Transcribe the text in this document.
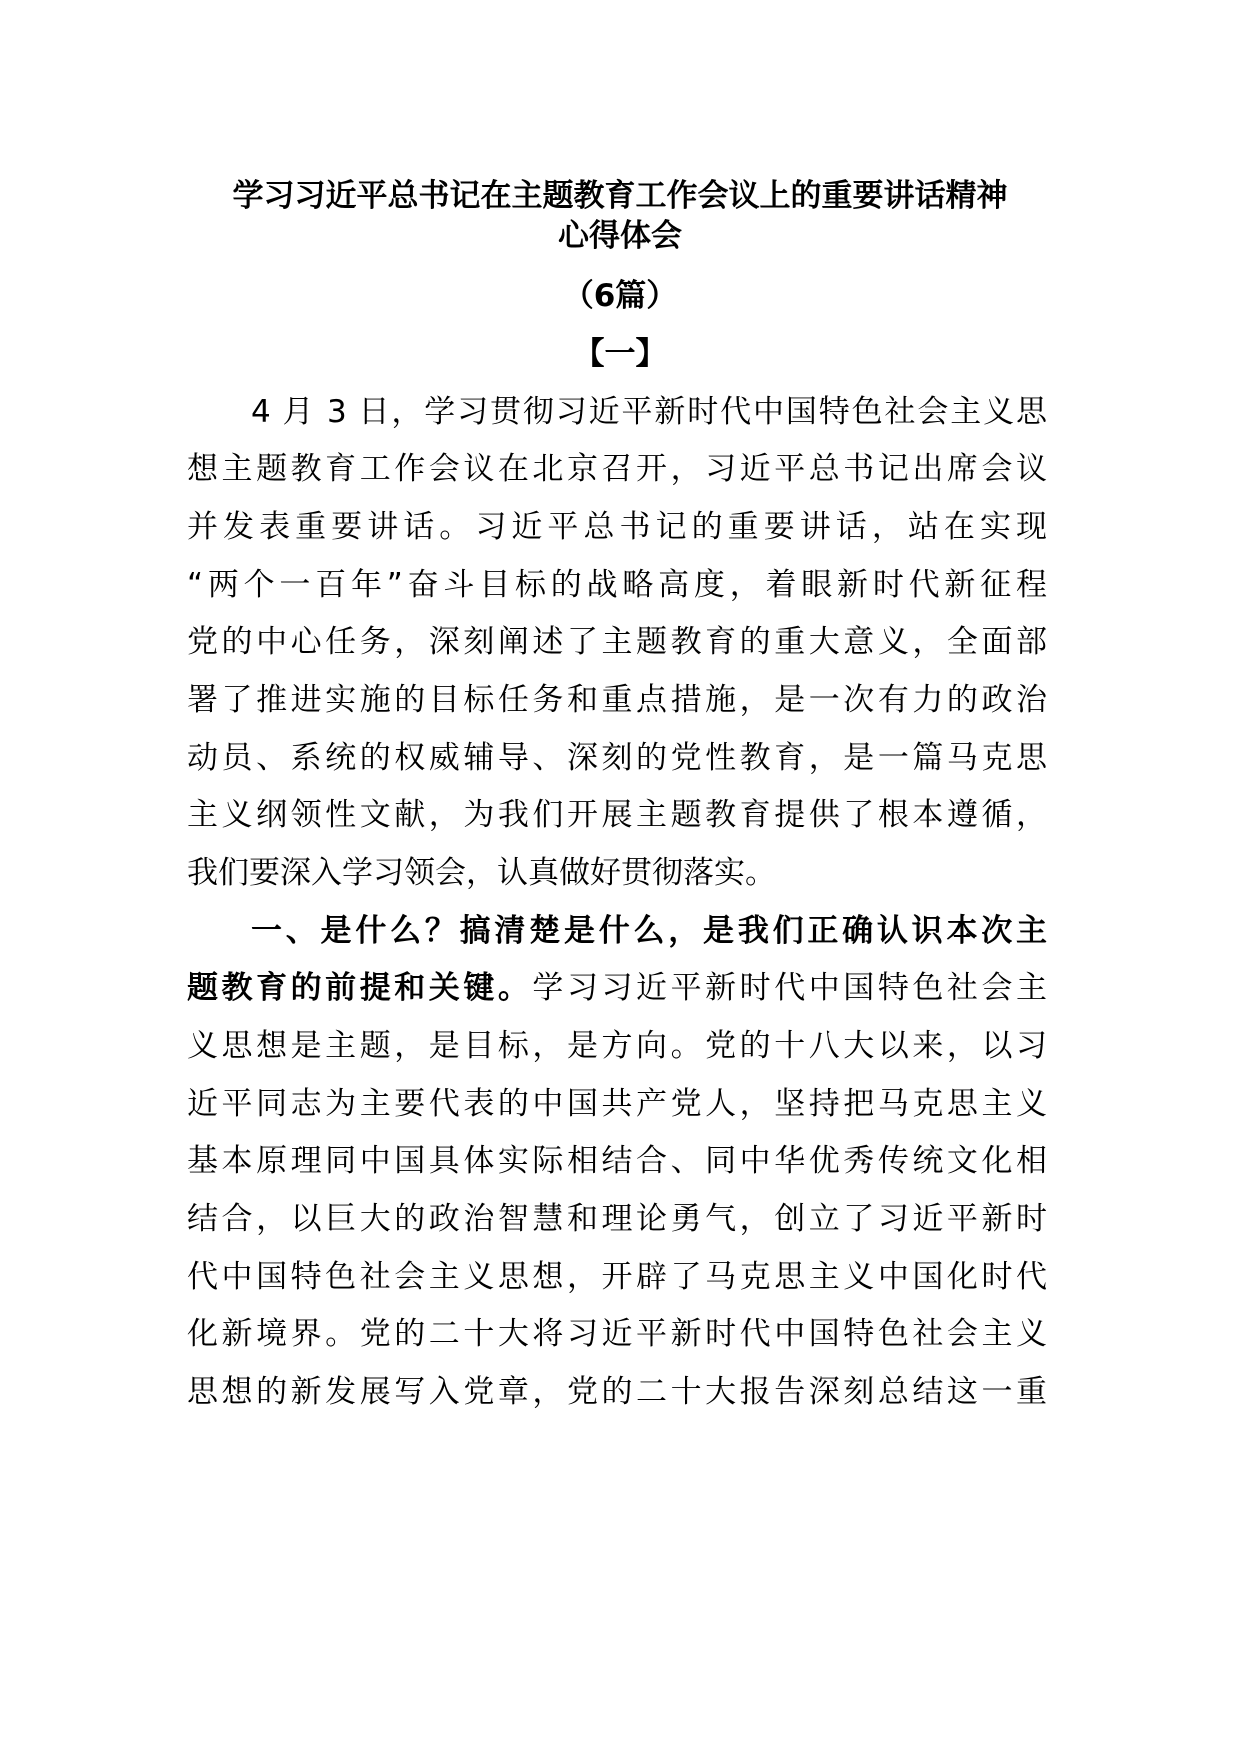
学习习近平总书记在主题教育工作会议上的重要讲话精神
心得体会
（6篇）
【一】
4 月 3 日，学习贯彻习近平新时代中国特色社会主义思
想主题教育工作会议在北京召开，习近平总书记出席会议
并发表重要讲话。习近平总书记的重要讲话，站在实现
“两个一百年”奋斗目标的战略高度，着眼新时代新征程
党的中心任务，深刻阐述了主题教育的重大意义，全面部
署了推进实施的目标任务和重点措施，是一次有力的政治
动员、系统的权威辅导、深刻的党性教育，是一篇马克思
主义纲领性文献，为我们开展主题教育提供了根本遵循，
我们要深入学习领会，认真做好贯彻落实。
一、是什么？搞清楚是什么，是我们正确认识本次主
题教育的前提和关键。学习习近平新时代中国特色社会主
义思想是主题，是目标，是方向。党的十八大以来，以习
近平同志为主要代表的中国共产党人，坚持把马克思主义
基本原理同中国具体实际相结合、同中华优秀传统文化相
结合，以巨大的政治智慧和理论勇气，创立了习近平新时
代中国特色社会主义思想，开辟了马克思主义中国化时代
化新境界。党的二十大将习近平新时代中国特色社会主义
思想的新发展写入党章，党的二十大报告深刻总结这一重
